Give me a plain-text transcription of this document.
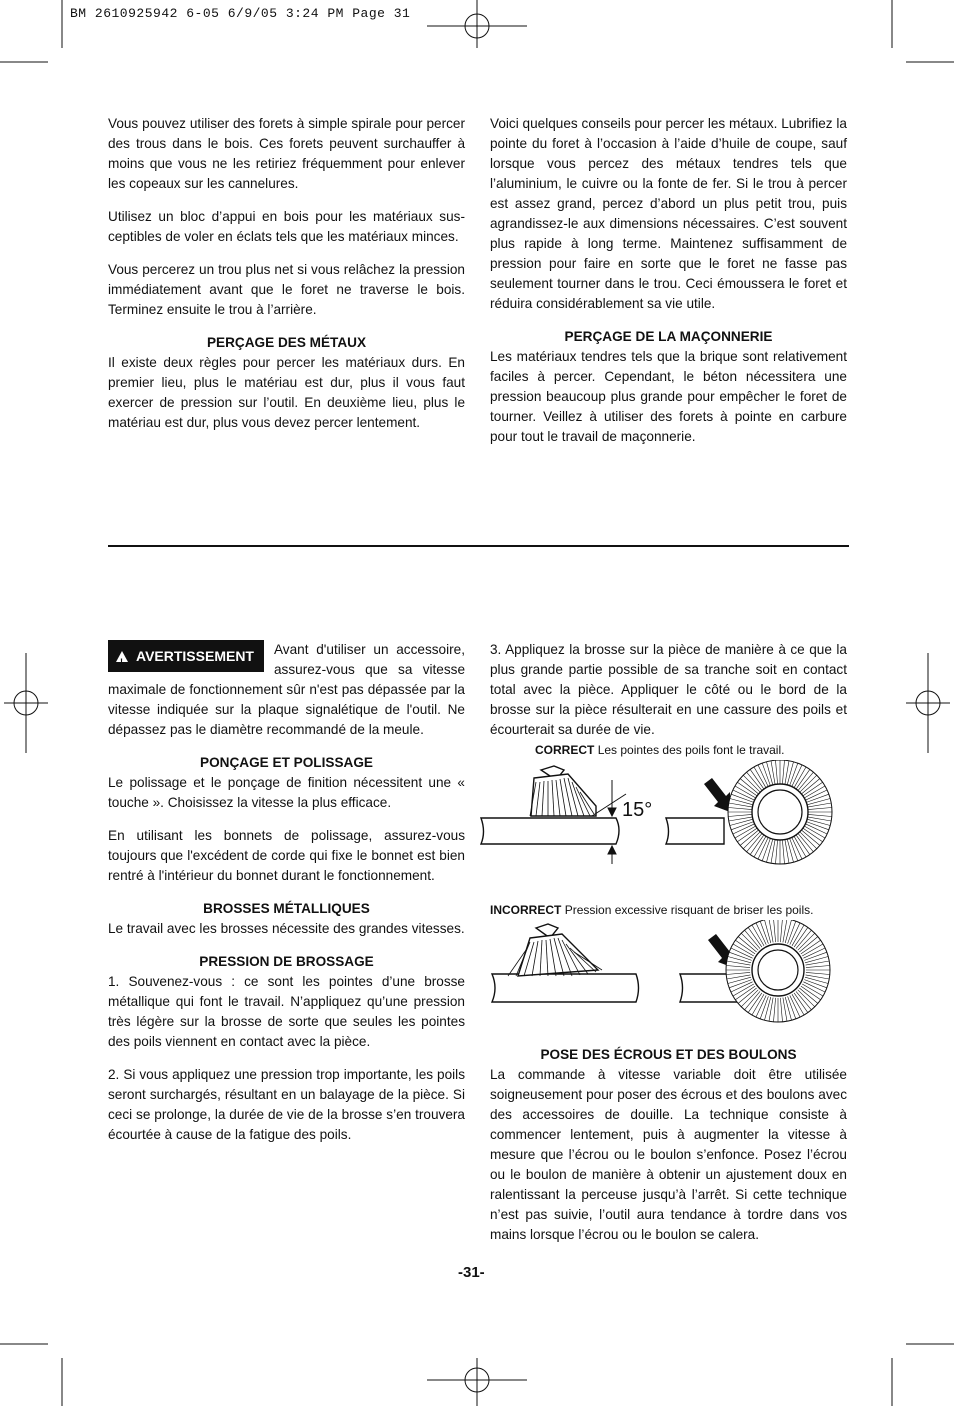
BM 2610925942 6-05 6/9/05 3:24 PM Page 31

Vous pouvez utiliser des forets à simple spirale pour percer des trous dans le bois. Ces forets peuvent surchauffer à moins que vous ne les retiriez fréquemment pour enlever les copeaux sur les cannelures.

Utilisez un bloc d’appui en bois pour les matériaux sus-ceptibles de voler en éclats tels que les matériaux minces.

Vous percerez un trou plus net si vous relâchez la pression immédiatement avant que le foret ne traverse le bois. Terminez ensuite le trou à l’arrière.

PERÇAGE DES MÉTAUX

Il existe deux règles pour percer les matériaux durs. En premier lieu, plus le matériau est dur, plus il vous faut exercer de pression sur l’outil. En deuxième lieu, plus le matériau est dur, plus vous devez percer lentement.

Voici quelques conseils pour percer les métaux. Lubrifiez la pointe du foret à l’occasion à l’aide d’huile de coupe, sauf lorsque vous percez des métaux tendres tels que l’aluminium, le cuivre ou la fonte de fer. Si le trou à percer est assez grand, percez d’abord un plus petit trou, puis agrandissez-le aux dimensions nécessaires. C’est souvent plus rapide à long terme. Maintenez suffisamment de pression pour faire en sorte que le foret ne fasse pas seulement tourner dans le trou. Ceci émoussera le foret et réduira considérablement sa vie utile.

PERÇAGE DE LA MAÇONNERIE

Les matériaux tendres tels que la brique sont relativement faciles à percer. Cependant, le béton nécessitera une pression beaucoup plus grande pour empêcher le foret de tourner. Veillez à utiliser des forets à pointe en carbure pour tout le travail de maçonnerie.

!AVERTISSEMENT	Avant d'utiliser un accessoire, assurez-vous que sa vitesse maximale de fonctionnement sûr n'est pas dépassée par la vitesse indiquée sur la plaque signalétique de l'outil. Ne dépassez pas le diamètre recommandé de la meule.

PONÇAGE ET POLISSAGE

Le polissage et le ponçage de finition nécessitent une « touche ». Choisissez la vitesse la plus efficace.

En utilisant les bonnets de polissage, assurez-vous toujours que l'excédent de corde qui fixe le bonnet est bien rentré à l'intérieur du bonnet durant le fonctionnement.

BROSSES MÉTALLIQUES

Le travail avec les brosses nécessite des grandes vitesses.

PRESSION DE BROSSAGE

1. Souvenez-vous : ce sont les pointes d’une brosse métallique qui font le travail. N’appliquez qu’une pression très légère sur la brosse de sorte que seules les pointes des poils viennent en contact avec la pièce.

2. Si vous appliquez une pression trop importante, les poils seront surchargés, résultant en un balayage de la pièce. Si ceci se prolonge, la durée de vie de la brosse s’en trouvera écourtée à cause de la fatigue des poils.

3. Appliquez la brosse sur la pièce de manière à ce que la plus grande partie possible de sa tranche soit en contact total avec la pièce. Appliquer le côté ou le bord de la brosse sur la pièce résulterait en une cassure des poils et écourterait sa durée de vie.

CORRECT Les pointes des poils font le travail.
15°
INCORRECT Pression excessive risquant de briser les poils.
POSE DES ÉCROUS ET DES BOULONS

La commande à vitesse variable doit être utilisée soigneusement pour poser des écrous et des boulons avec des accessoires de douille. La technique consiste à commencer lentement, puis à augmenter la vitesse à mesure que l’écrou ou le boulon s’enfonce. Posez l’écrou ou le boulon de manière à obtenir un ajustement doux en ralentissant la perceuse jusqu’à l’arrêt. Si cette technique n’est pas suivie, l’outil aura tendance à tordre dans vos mains lorsque l’écrou ou le boulon se calera.

-31-
